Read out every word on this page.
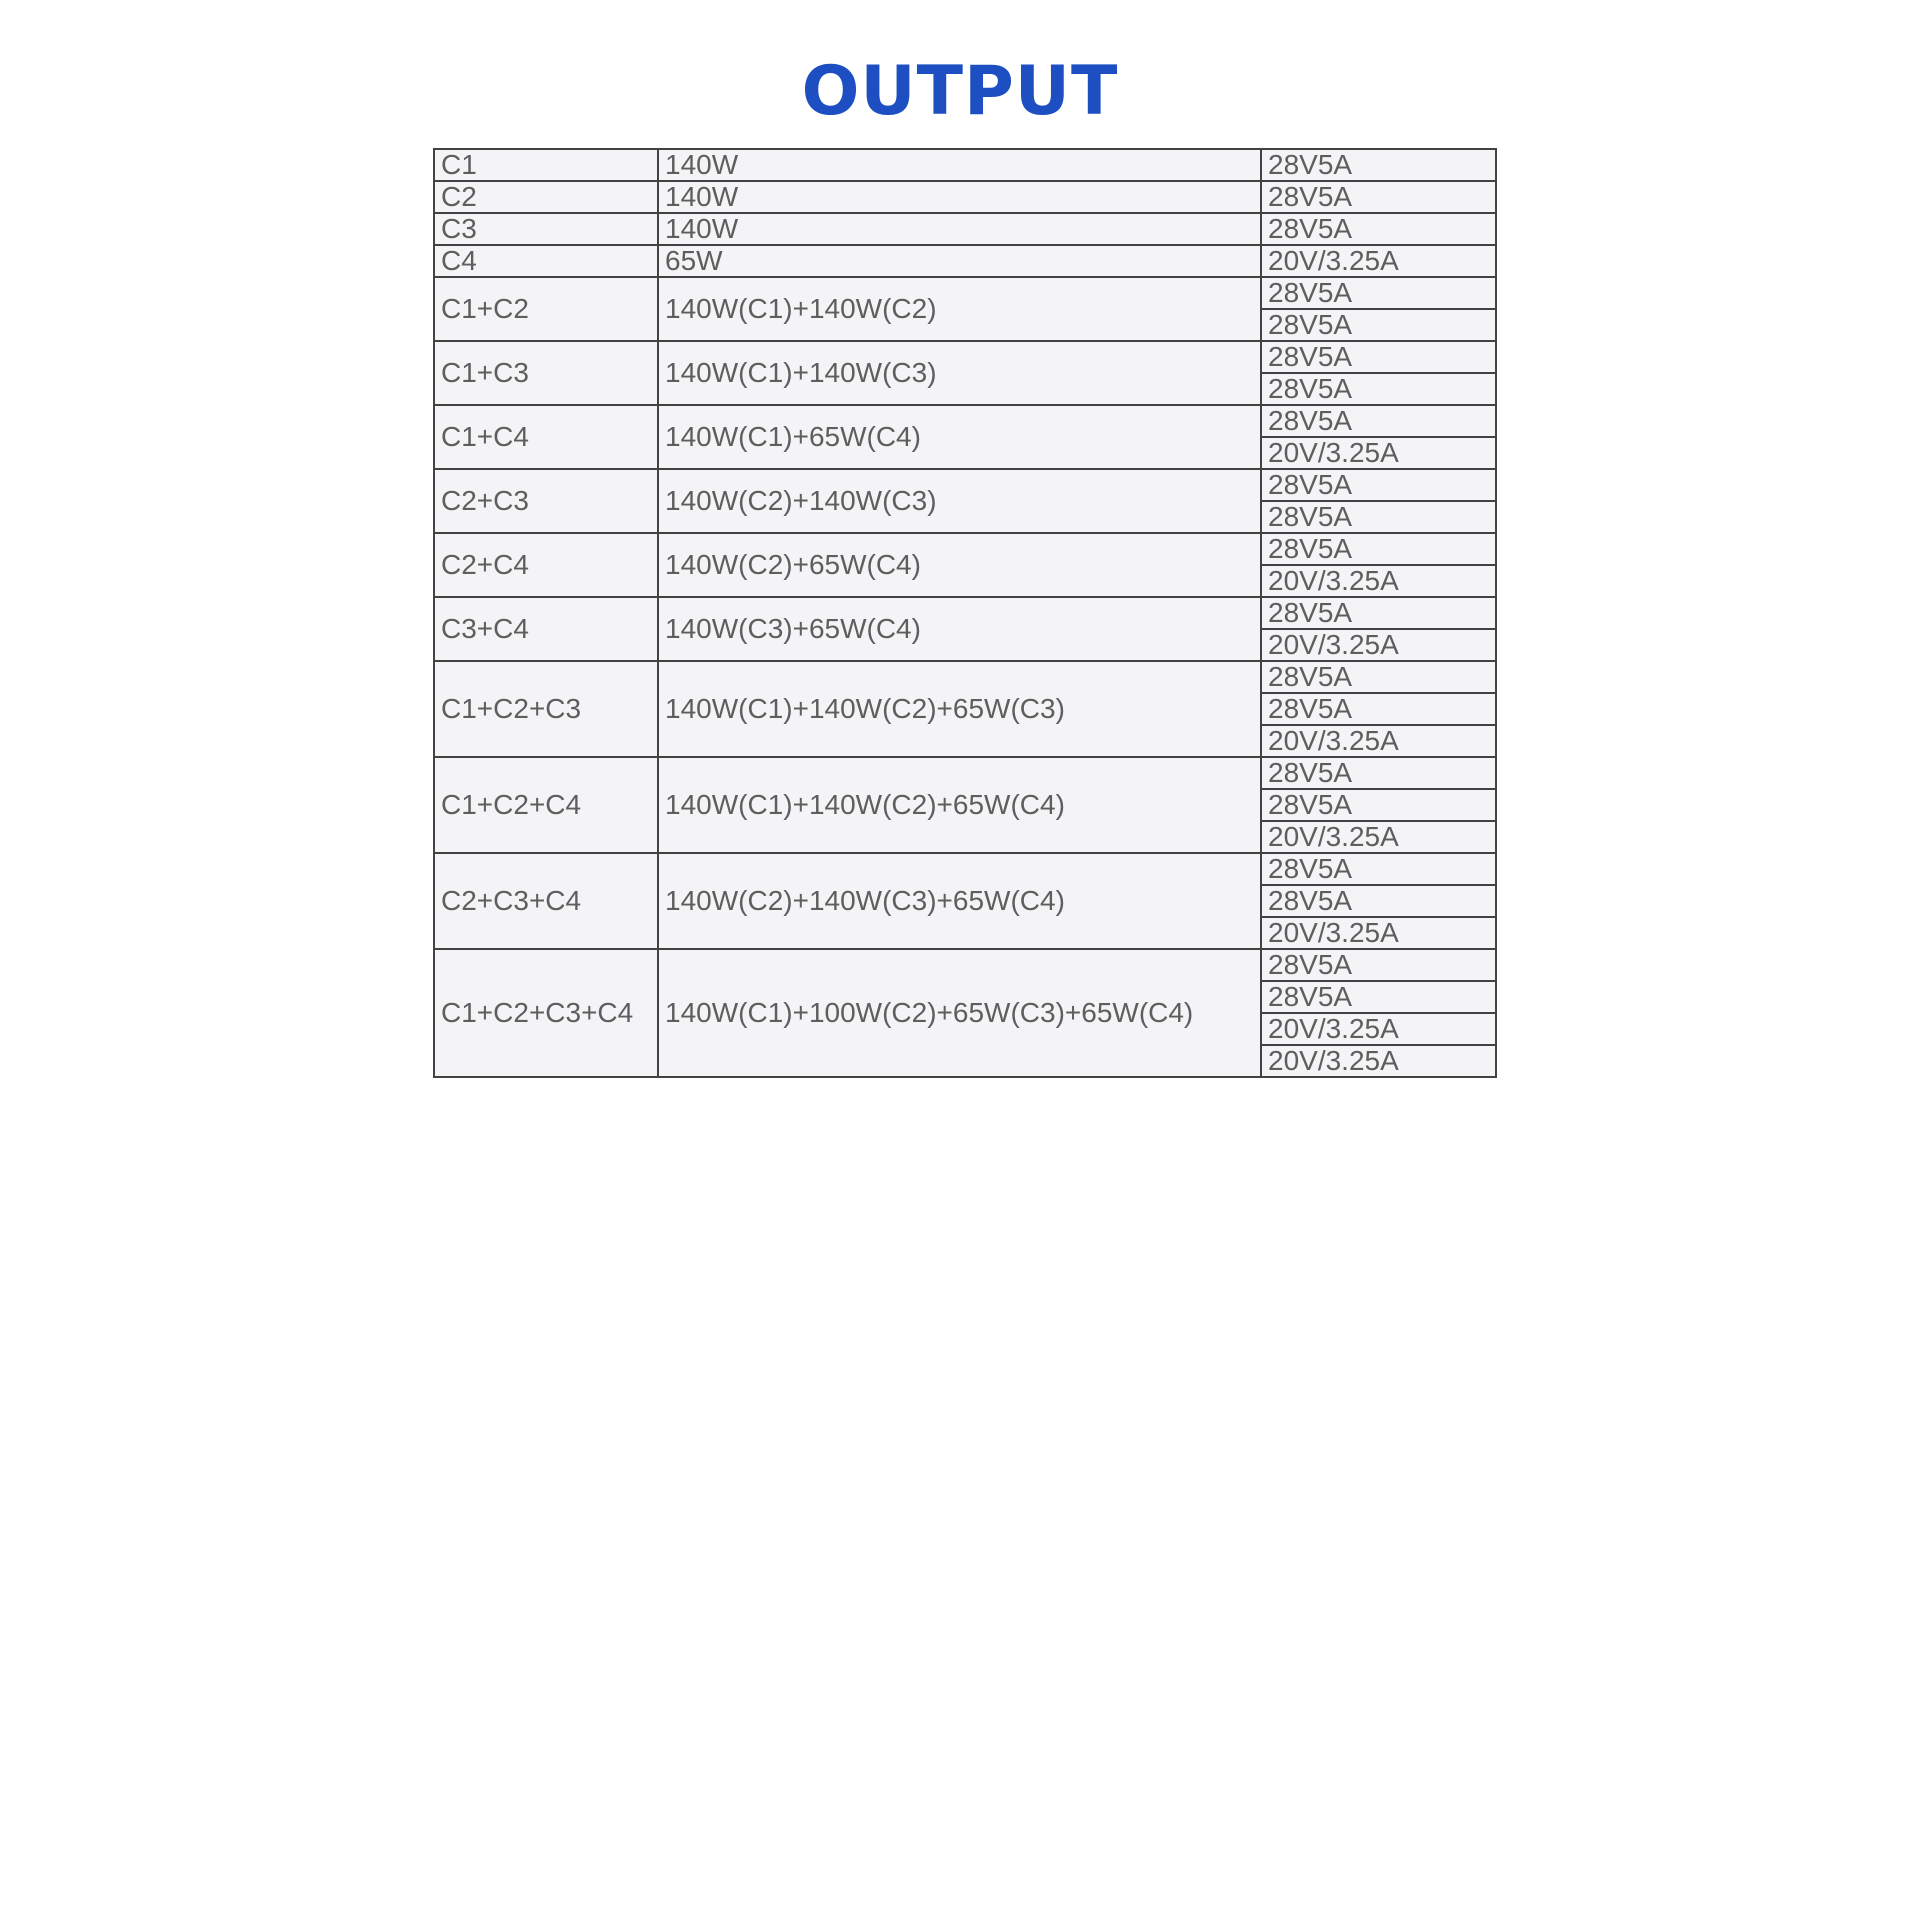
OUTPUT
C1	140W	28V5A
C2	140W	28V5A
C3	140W	28V5A
C4	65W	20V/3.25A
C1+C2	140W(C1)+140W(C2)	28V5A
		28V5A
C1+C3	140W(C1)+140W(C3)	28V5A
		28V5A
C1+C4	140W(C1)+65W(C4)	28V5A
		20V/3.25A
C2+C3	140W(C2)+140W(C3)	28V5A
		28V5A
C2+C4	140W(C2)+65W(C4)	28V5A
		20V/3.25A
C3+C4	140W(C3)+65W(C4)	28V5A
		20V/3.25A
C1+C2+C3	140W(C1)+140W(C2)+65W(C3)	28V5A
		28V5A
		20V/3.25A
C1+C2+C4	140W(C1)+140W(C2)+65W(C4)	28V5A
		28V5A
		20V/3.25A
C2+C3+C4	140W(C2)+140W(C3)+65W(C4)	28V5A
		28V5A
		20V/3.25A
C1+C2+C3+C4	140W(C1)+100W(C2)+65W(C3)+65W(C4)	28V5A
		28V5A
		20V/3.25A
		20V/3.25A
